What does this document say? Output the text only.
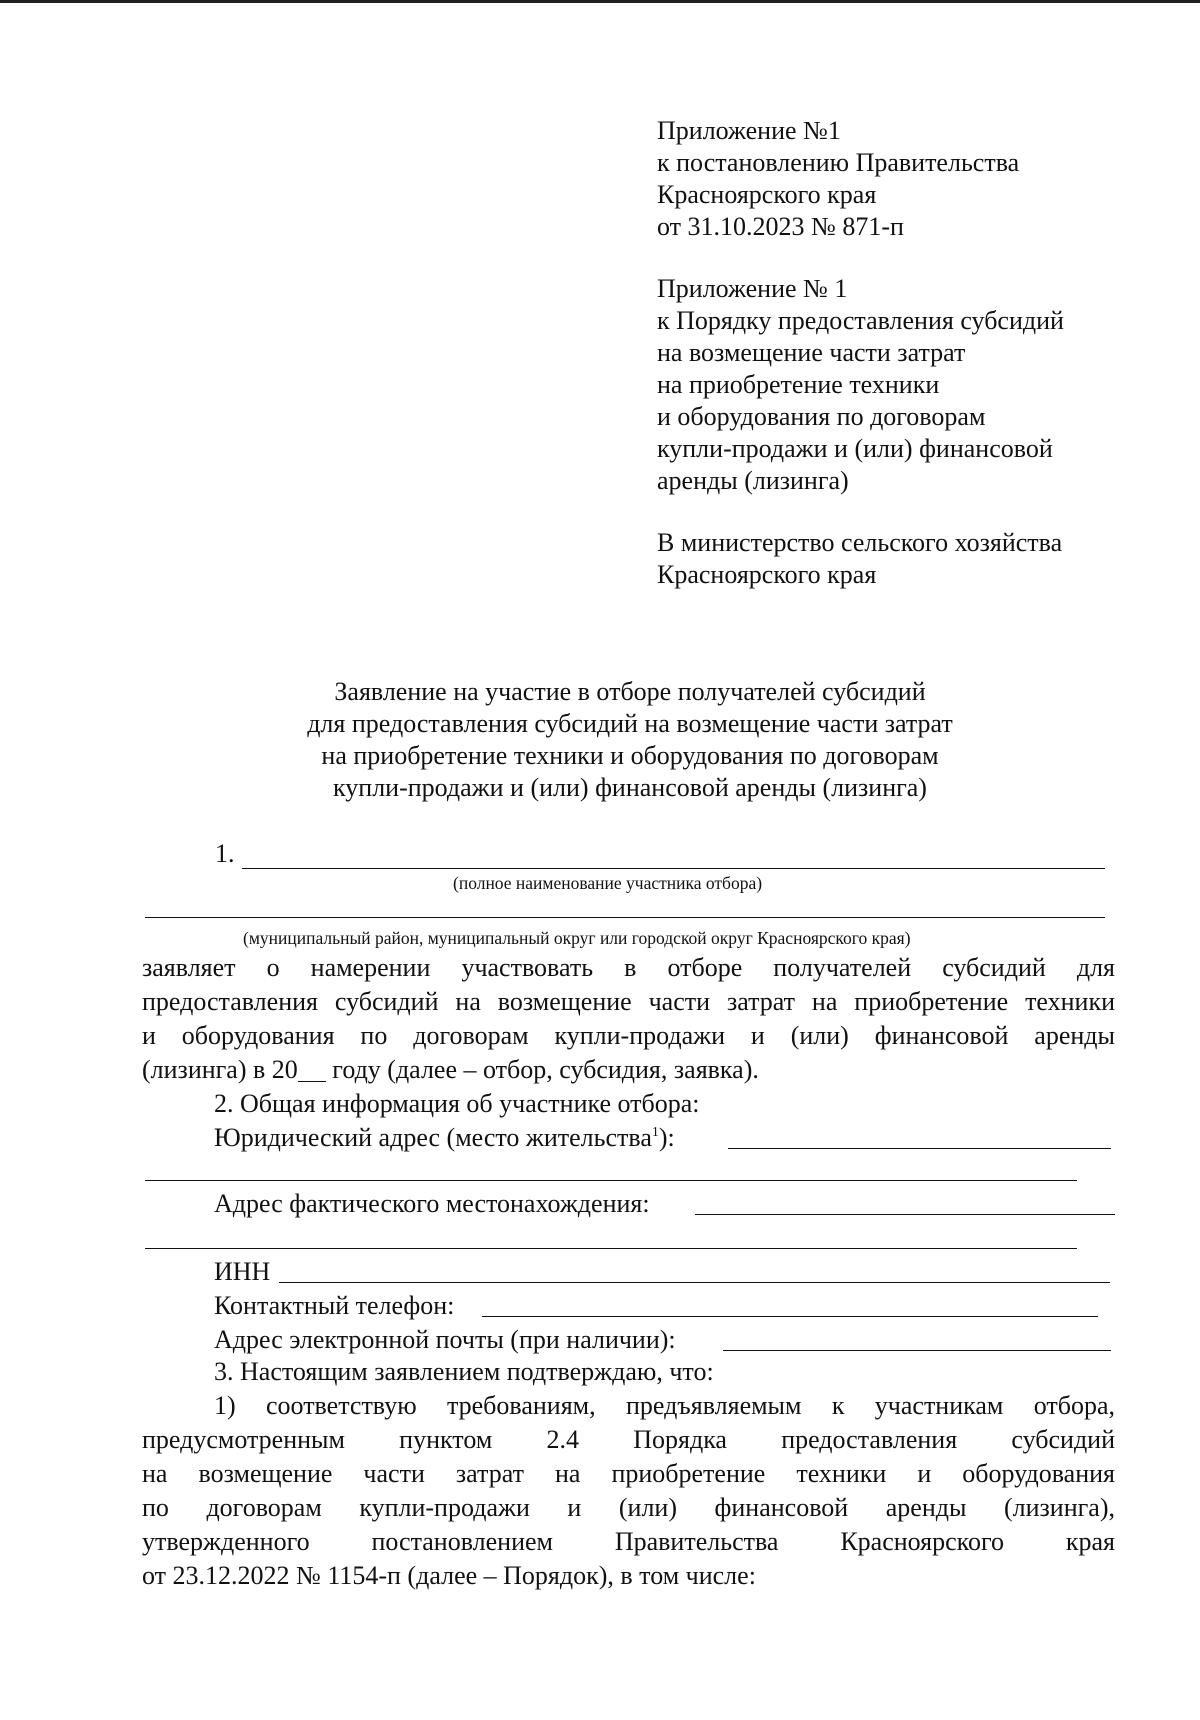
Приложение №1
к постановлению Правительства
Красноярского края
от 31.10.2023 № 871-п
Приложение № 1
к Порядку предоставления субсидий
на возмещение части затрат
на приобретение техники
и оборудования по договорам
купли-продажи и (или) финансовой
аренды (лизинга)
В министерство сельского хозяйства
Красноярского края
Заявление на участие в отборе получателей субсидий
для предоставления субсидий на возмещение части затрат
на приобретение техники и оборудования по договорам
купли-продажи и (или) финансовой аренды (лизинга)
1.
(полное наименование участника отбора)
(муниципальный район, муниципальный округ или городской округ Красноярского края)
заявляет о намерении участвовать в отборе получателей субсидий для
предоставления субсидий на возмещение части затрат на приобретение техники
и оборудования по договорам купли-продажи и (или) финансовой аренды
(лизинга) в 20 году (далее – отбор, субсидия, заявка).
2. Общая информация об участнике отбора:
Юридический адрес (место жительства$^1$):
Адрес фактического местонахождения:
ИНН
Контактный телефон:
Адрес электронной почты (при наличии):
3. Настоящим заявлением подтверждаю, что:
1) соответствую требованиям, предъявляемым к участникам отбора,
предусмотренным пунктом 2.4 Порядка предоставления субсидий
на возмещение части затрат на приобретение техники и оборудования
по договорам купли-продажи и (или) финансовой аренды (лизинга),
утвержденного постановлением Правительства Красноярского края
от 23.12.2022 № 1154-п (далее – Порядок), в том числе:
